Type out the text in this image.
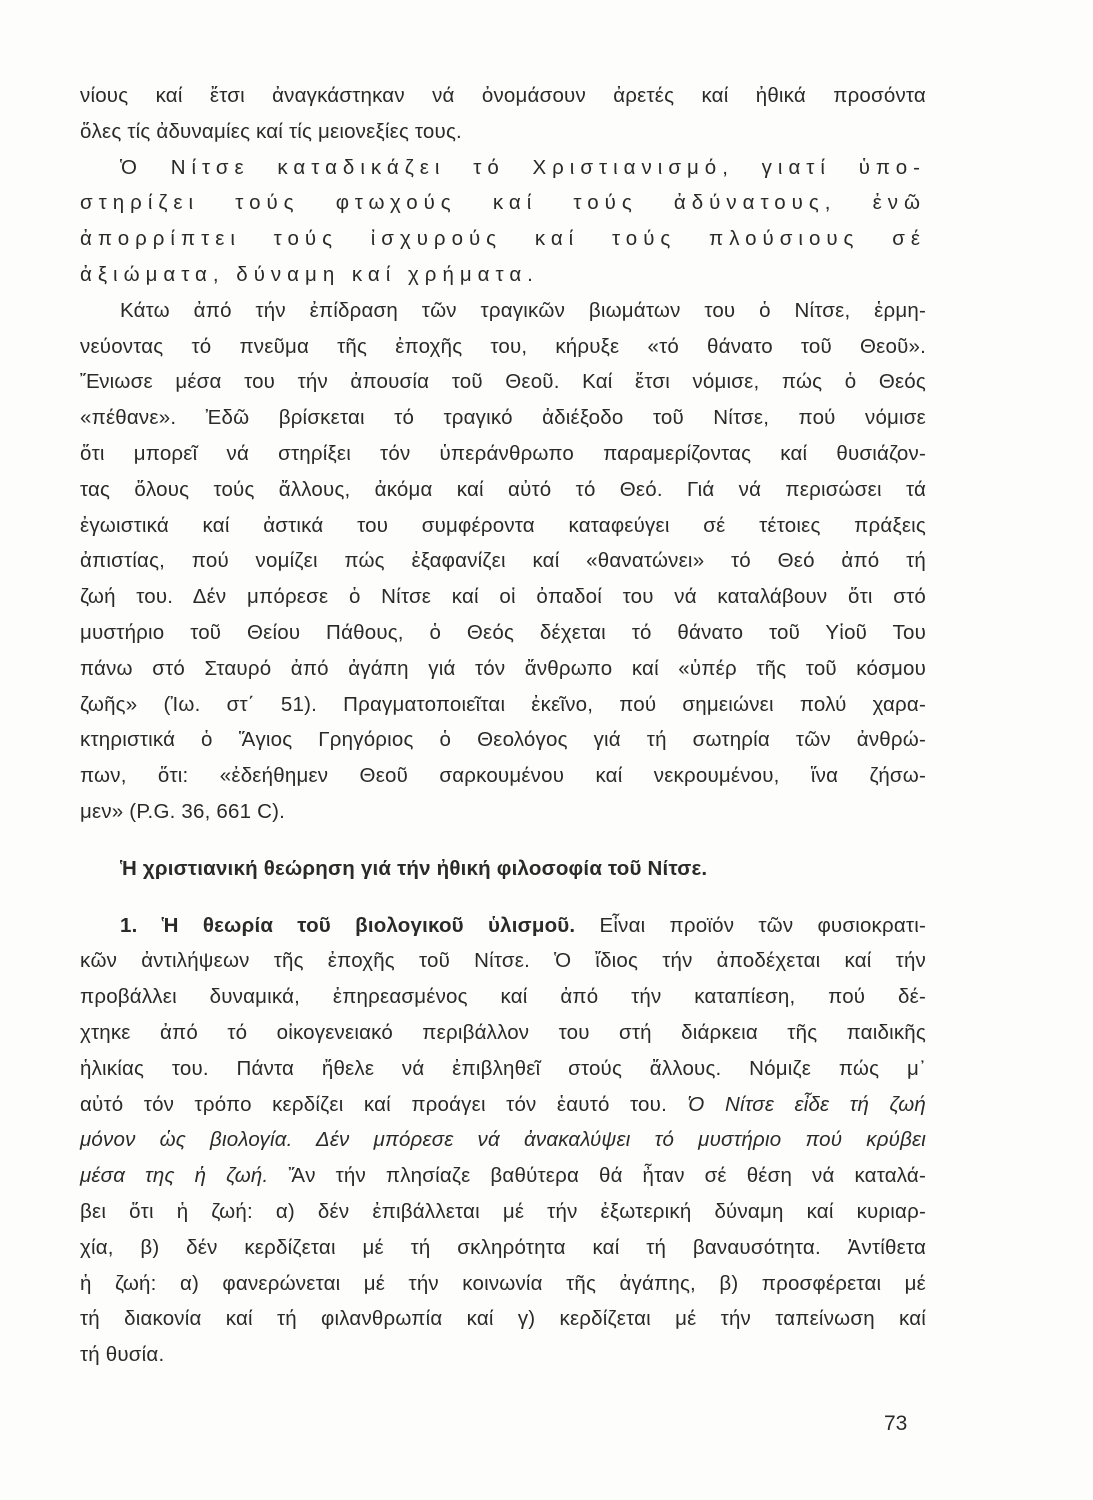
νίους καί ἔτσι ἀναγκάστηκαν νά ὀνομάσουν ἀρετές καί ἠθικά προσόντα
ὅλες τίς ἀδυναμίες καί τίς μειονεξίες τους.
Ὁ Νίτσε καταδικάζει τό Χριστιανισμό, γιατί ὑπο-
στηρίζει τούς φτωχούς καί τούς ἀδύνατους, ἐνῶ
ἀπορρίπτει τούς ἰσχυρούς καί τούς πλούσιους σέ
ἀξιώματα, δύναμη καί χρήματα.
Κάτω ἀπό τήν ἐπίδραση τῶν τραγικῶν βιωμάτων του ὁ Νίτσε, ἑρμη-
νεύοντας τό πνεῦμα τῆς ἐποχῆς του, κήρυξε «τό θάνατο τοῦ Θεοῦ».
Ἔνιωσε μέσα του τήν ἀπουσία τοῦ Θεοῦ. Καί ἔτσι νόμισε, πώς ὁ Θεός
«πέθανε». Ἐδῶ βρίσκεται τό τραγικό ἀδιέξοδο τοῦ Νίτσε, πού νόμισε
ὅτι μπορεῖ νά στηρίξει τόν ὑπεράνθρωπο παραμερίζοντας καί θυσιάζον-
τας ὅλους τούς ἄλλους, ἀκόμα καί αὐτό τό Θεό. Γιά νά περισώσει τά
ἐγωιστικά καί ἀστικά του συμφέροντα καταφεύγει σέ τέτοιες πράξεις
ἀπιστίας, πού νομίζει πώς ἐξαφανίζει καί «θανατώνει» τό Θεό ἀπό τή
ζωή του. Δέν μπόρεσε ὁ Νίτσε καί οἱ ὀπαδοί του νά καταλάβουν ὅτι στό
μυστήριο τοῦ Θείου Πάθους, ὁ Θεός δέχεται τό θάνατο τοῦ Υἱοῦ Του
πάνω στό Σταυρό ἀπό ἀγάπη γιά τόν ἄνθρωπο καί «ὑπέρ τῆς τοῦ κόσμου
ζωῆς» (Ἰω. στ΄ 51). Πραγματοποιεῖται ἐκεῖνο, πού σημειώνει πολύ χαρα-
κτηριστικά ὁ Ἅγιος Γρηγόριος ὁ Θεολόγος γιά τή σωτηρία τῶν ἀνθρώ-
πων, ὅτι: «ἐδεήθημεν Θεοῦ σαρκουμένου καί νεκρουμένου, ἵνα ζήσω-
μεν» (P.G. 36, 661 C).
Ἡ χριστιανική θεώρηση γιά τήν ἠθική φιλοσοφία τοῦ Νίτσε.
1. Ἡ θεωρία τοῦ βιολογικοῦ ὑλισμοῦ. Εἶναι προϊόν τῶν φυσιοκρατι-
κῶν ἀντιλήψεων τῆς ἐποχῆς τοῦ Νίτσε. Ὁ ἴδιος τήν ἀποδέχεται καί τήν
προβάλλει δυναμικά, ἐπηρεασμένος καί ἀπό τήν καταπίεση, πού δέ-
χτηκε ἀπό τό οἰκογενειακό περιβάλλον του στή διάρκεια τῆς παιδικῆς
ἡλικίας του. Πάντα ἤθελε νά ἐπιβληθεῖ στούς ἄλλους. Νόμιζε πώς μ᾽
αὐτό τόν τρόπο κερδίζει καί προάγει τόν ἑαυτό του. Ὁ Νίτσε εἶδε τή ζωή
μόνον ὡς βιολογία. Δέν μπόρεσε νά ἀνακαλύψει τό μυστήριο πού κρύβει
μέσα της ἡ ζωή. Ἄν τήν πλησίαζε βαθύτερα θά ἦταν σέ θέση νά καταλά-
βει ὅτι ἡ ζωή: α) δέν ἐπιβάλλεται μέ τήν ἐξωτερική δύναμη καί κυριαρ-
χία, β) δέν κερδίζεται μέ τή σκληρότητα καί τή βαναυσότητα. Ἀντίθετα
ἡ ζωή: α) φανερώνεται μέ τήν κοινωνία τῆς ἀγάπης, β) προσφέρεται μέ
τή διακονία καί τή φιλανθρωπία καί γ) κερδίζεται μέ τήν ταπείνωση καί
τή θυσία.
73
